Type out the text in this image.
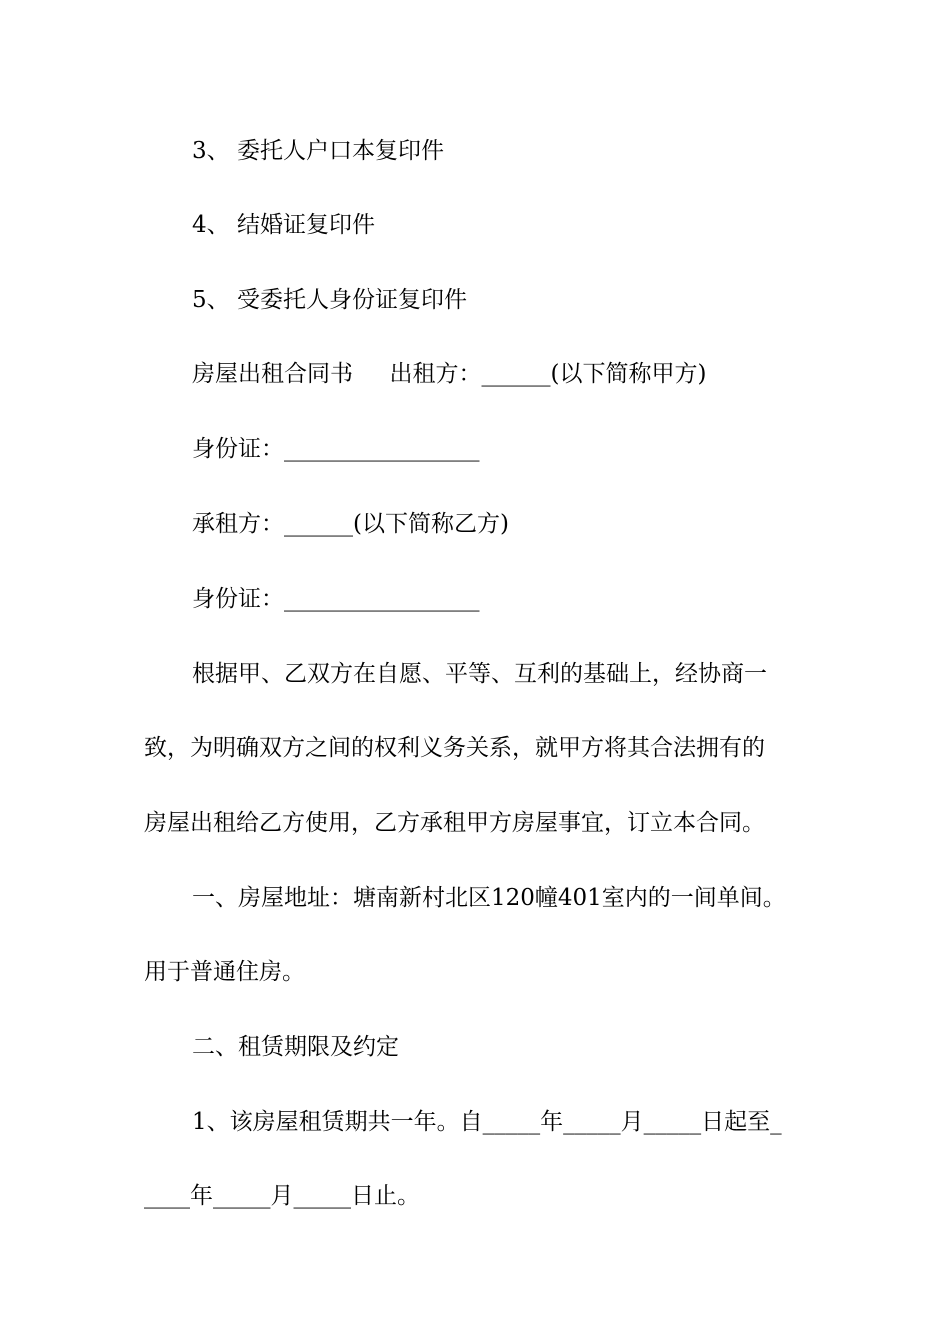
3、 委托人户口本复印件
4、 结婚证复印件
5、 受委托人身份证复印件
房屋出租合同书     出租方：______(以下简称甲方)
身份证：_________________
承租方：______(以下简称乙方)
身份证：_________________
根据甲、乙双方在自愿、平等、互利的基础上，经协商一
致，为明确双方之间的权利义务关系，就甲方将其合法拥有的
房屋出租给乙方使用，乙方承租甲方房屋事宜，订立本合同。
一、房屋地址：塘南新村北区120幢401室内的一间单间。
用于普通住房。
二、租赁期限及约定
1、该房屋租赁期共一年。自_____年_____月_____日起至_
____年_____月_____日止。
